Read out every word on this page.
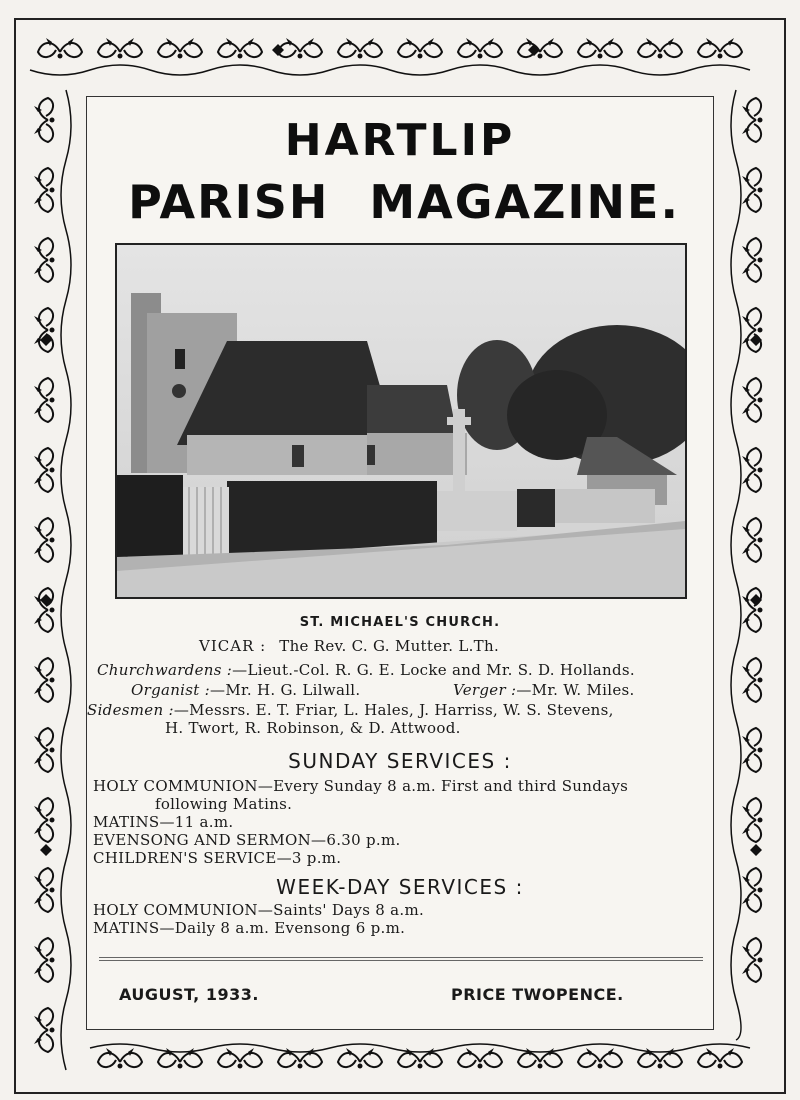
HARTLIP
PARISH MAGAZINE.
ST. MICHAEL'S CHURCH.
VICAR : The Rev. C. G. Mutter. L.Th.
Churchwardens :—Lieut.-Col. R. G. E. Locke and Mr. S. D. Hollands.
Organist :—Mr. H. G. Lilwall.	Verger :—Mr. W. Miles.
Sidesmen :—Messrs. E. T. Friar, L. Hales, J. Harriss, W. S. Stevens,
H. Twort, R. Robinson, & D. Attwood.
SUNDAY SERVICES :
HOLY COMMUNION—Every Sunday 8 a.m. First and third Sundays
following Matins.
MATINS—11 a.m.
EVENSONG AND SERMON—6.30 p.m.
CHILDREN'S SERVICE—3 p.m.
WEEK-DAY SERVICES :
HOLY COMMUNION—Saints' Days 8 a.m.
MATINS—Daily 8 a.m. Evensong 6 p.m.
AUGUST, 1933.	PRICE TWOPENCE.
